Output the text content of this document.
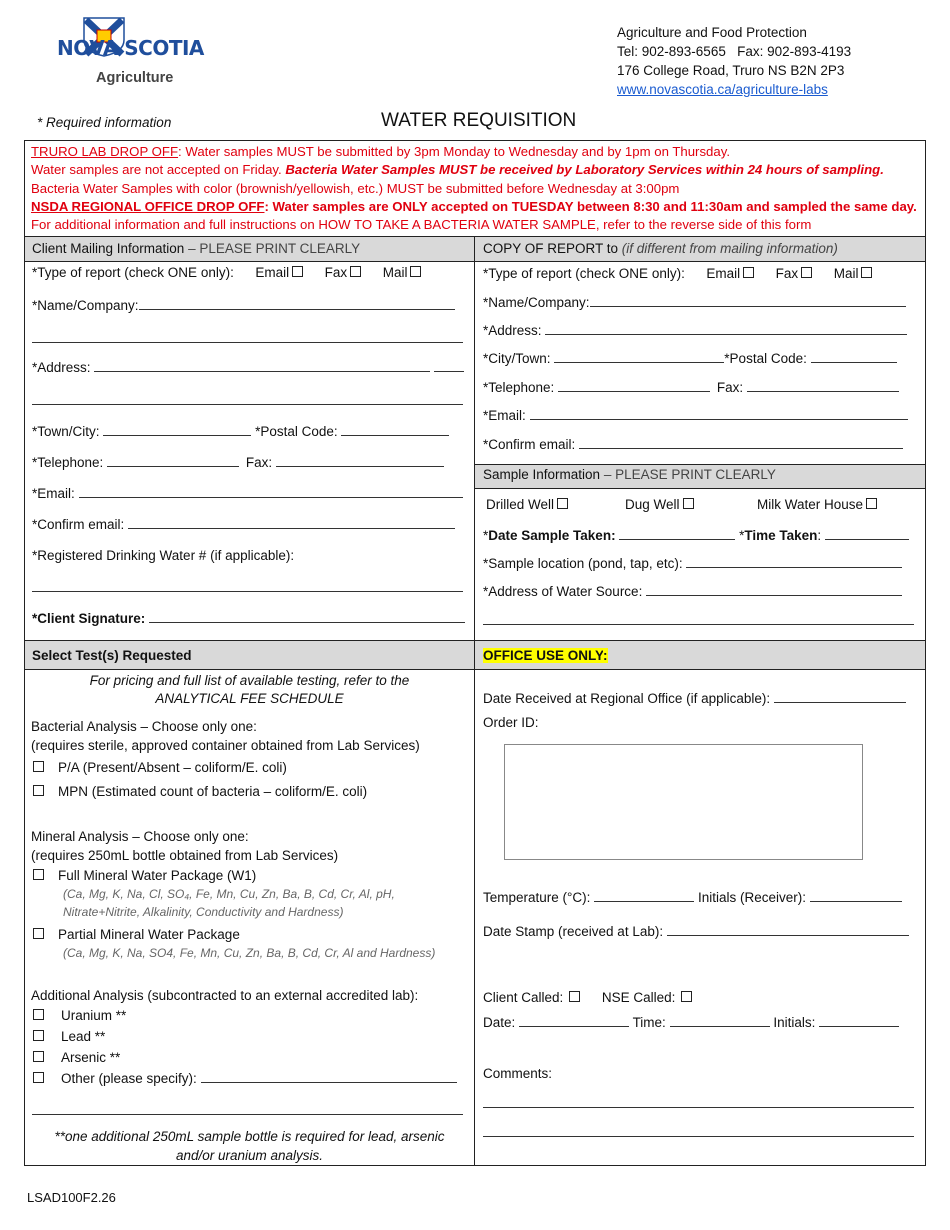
NOVA SCOTIA
Agriculture
Agriculture and Food Protection
Tel: 902-893-6565   Fax: 902-893-4193
176 College Road, Truro NS B2N 2P3
www.novascotia.ca/agriculture-labs
* Required information	WATER REQUISITION
TRURO LAB DROP OFF: Water samples MUST be submitted by 3pm Monday to Wednesday and by 1pm on Thursday.
Water samples are not accepted on Friday. Bacteria Water Samples MUST be received by Laboratory Services within 24 hours of sampling.
Bacteria Water Samples with color (brownish/yellowish, etc.) MUST be submitted before Wednesday at 3:00pm
NSDA REGIONAL OFFICE DROP OFF: Water samples are ONLY accepted on TUESDAY between 8:30 and 11:30am and sampled the same day.
For additional information and full instructions on HOW TO TAKE A BACTERIA WATER SAMPLE, refer to the reverse side of this form
Client Mailing Information – PLEASE PRINT CLEARLY
*Type of report (check ONE only): Email	Fax	Mail
*Name/Company:
*Address:
*Town/City:	*Postal Code:
*Telephone:	Fax:
*Email:
*Confirm email:
*Registered Drinking Water # (if applicable):
*Client Signature:
COPY OF REPORT to (if different from mailing information)
*Type of report (check ONE only): Email	Fax	Mail
*Name/Company:
*Address:
*City/Town:	*Postal Code:
*Telephone:	Fax:
*Email:
*Confirm email:
Sample Information – PLEASE PRINT CLEARLY
Drilled Well	Dug Well	Milk Water House
*Date Sample Taken:	*Time Taken:
*Sample location (pond, tap, etc):
*Address of Water Source:
Select Test(s) Requested
For pricing and full list of available testing, refer to the
ANALYTICAL FEE SCHEDULE
Bacterial Analysis – Choose only one:
(requires sterile, approved container obtained from Lab Services)
P/A (Present/Absent – coliform/E. coli)
MPN (Estimated count of bacteria – coliform/E. coli)
Mineral Analysis – Choose only one:
(requires 250mL bottle obtained from Lab Services)
Full Mineral Water Package (W1)
(Ca, Mg, K, Na, Cl, SO₄, Fe, Mn, Cu, Zn, Ba, B, Cd, Cr, Al, pH,
Nitrate+Nitrite, Alkalinity, Conductivity and Hardness)
Partial Mineral Water Package
(Ca, Mg, K, Na, SO4, Fe, Mn, Cu, Zn, Ba, B, Cd, Cr, Al and Hardness)
Additional Analysis (subcontracted to an external accredited lab):
Uranium **
Lead **
Arsenic **
Other (please specify):
**one additional 250mL sample bottle is required for lead, arsenic
and/or uranium analysis.
OFFICE USE ONLY:
Date Received at Regional Office (if applicable):
Order ID:
Temperature (°C):	Initials (Receiver):
Date Stamp (received at Lab):
Client Called:	NSE Called:
Date:	Time:	Initials:
Comments:
LSAD100F2.26
